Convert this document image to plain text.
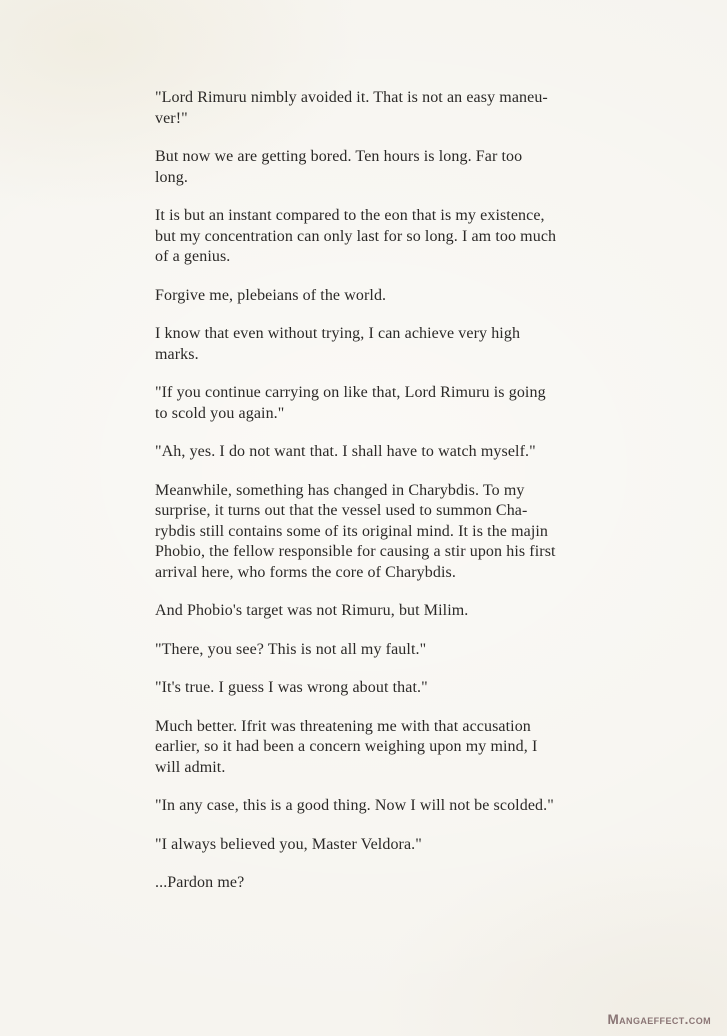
"Lord Rimuru nimbly avoided it. That is not an easy maneu-
ver!"

But now we are getting bored. Ten hours is long. Far too
long.

It is but an instant compared to the eon that is my existence,
but my concentration can only last for so long. I am too much
of a genius.

Forgive me, plebeians of the world.

I know that even without trying, I can achieve very high
marks.

"If you continue carrying on like that, Lord Rimuru is going
to scold you again."

"Ah, yes. I do not want that. I shall have to watch myself."

Meanwhile, something has changed in Charybdis. To my
surprise, it turns out that the vessel used to summon Cha-
rybdis still contains some of its original mind. It is the majin
Phobio, the fellow responsible for causing a stir upon his first
arrival here, who forms the core of Charybdis.

And Phobio's target was not Rimuru, but Milim.

"There, you see? This is not all my fault."

"It's true. I guess I was wrong about that."

Much better. Ifrit was threatening me with that accusation
earlier, so it had been a concern weighing upon my mind, I
will admit.

"In any case, this is a good thing. Now I will not be scolded."

"I always believed you, Master Veldora."

...Pardon me?

Mangaeffect.com
